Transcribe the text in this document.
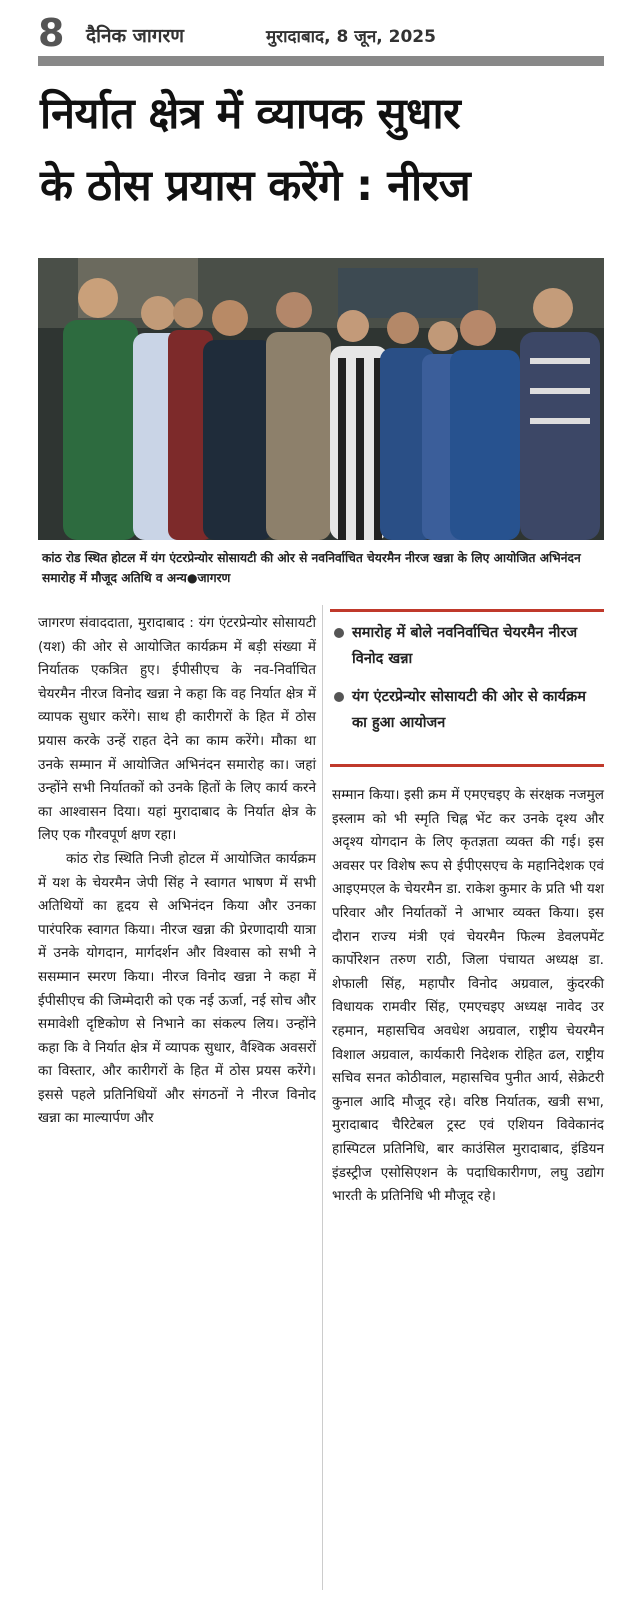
8 दैनिक जागरण	मुरादाबाद, 8 जून, 2025
निर्यात क्षेत्र में व्यापक सुधार
के ठोस प्रयास करेंगे : नीरज
कांठ रोड स्थित होटल में यंग एंटरप्रेन्योर सोसायटी की ओर से नवनिर्वाचित चेयरमैन नीरज खन्ना के लिए आयोजित अभिनंदन समारोह में मौजूद अतिथि व अन्य●जागरण

जागरण संवाददाता, मुरादाबाद : यंग एंटरप्रेन्योर सोसायटी (यश) की ओर से आयोजित कार्यक्रम में बड़ी संख्या में निर्यातक एकत्रित हुए। ईपीसीएच के नव-निर्वाचित चेयरमैन नीरज विनोद खन्ना ने कहा कि वह निर्यात क्षेत्र में व्यापक सुधार करेंगे। साथ ही कारीगरों के हित में ठोस प्रयास करके उन्हें राहत देने का काम करेंगे। मौका था उनके सम्मान में आयोजित अभिनंदन समारोह का। जहां उन्होंने सभी निर्यातकों को उनके हितों के लिए कार्य करने का आश्वासन दिया। यहां मुरादाबाद के निर्यात क्षेत्र के लिए एक गौरवपूर्ण क्षण रहा।

कांठ रोड स्थिति निजी होटल में आयोजित कार्यक्रम में यश के चेयरमैन जेपी सिंह ने स्वागत भाषण में सभी अतिथियों का हृदय से अभिनंदन किया और उनका पारंपरिक स्वागत किया। नीरज खन्ना की प्रेरणादायी यात्रा में उनके योगदान, मार्गदर्शन और विश्वास को सभी ने ससम्मान स्मरण किया। नीरज विनोद खन्ना ने कहा में ईपीसीएच की जिम्मेदारी को एक नई ऊर्जा, नई सोच और समावेशी दृष्टिकोण से निभाने का संकल्प लिय। उन्होंने कहा कि वे निर्यात क्षेत्र में व्यापक सुधार, वैश्विक अवसरों का विस्तार, और कारीगरों के हित में ठोस प्रयस करेंगे। इससे पहले प्रतिनिधियों और संगठनों ने नीरज विनोद खन्ना का माल्यार्पण और

समारोह में बोले नवनिर्वाचित चेयरमैन नीरज विनोद खन्ना
यंग एंटरप्रेन्योर सोसायटी की ओर से कार्यक्रम का हुआ आयोजन

सम्मान किया। इसी क्रम में एमएचइए के संरक्षक नजमुल इस्लाम को भी स्मृति चिह्न भेंट कर उनके दृश्य और अदृश्य योगदान के लिए कृतज्ञता व्यक्त की गई। इस अवसर पर विशेष रूप से ईपीएसएच के महानिदेशक एवं आइएमएल के चेयरमैन डा. राकेश कुमार के प्रति भी यश परिवार और निर्यातकों ने आभार व्यक्त किया। इस दौरान राज्य मंत्री एवं चेयरमैन फिल्म डेवलपमेंट कार्पोरेशन तरुण राठी, जिला पंचायत अध्यक्ष डा. शेफाली सिंह, महापौर विनोद अग्रवाल, कुंदरकी विधायक रामवीर सिंह, एमएचइए अध्यक्ष नावेद उर रहमान, महासचिव अवधेश अग्रवाल, राष्ट्रीय चेयरमैन विशाल अग्रवाल, कार्यकारी निदेशक रोहित ढल, राष्ट्रीय सचिव सनत कोठीवाल, महासचिव पुनीत आर्य, सेक्रेटरी कुनाल आदि मौजूद रहे। वरिष्ठ निर्यातक, खत्री सभा, मुरादाबाद चैरिटेबल ट्रस्ट एवं एशियन विवेकानंद हास्पिटल प्रतिनिधि, बार काउंसिल मुरादाबाद, इंडियन इंडस्ट्रीज एसोसिएशन के पदाधिकारीगण, लघु उद्योग भारती के प्रतिनिधि भी मौजूद रहे।
